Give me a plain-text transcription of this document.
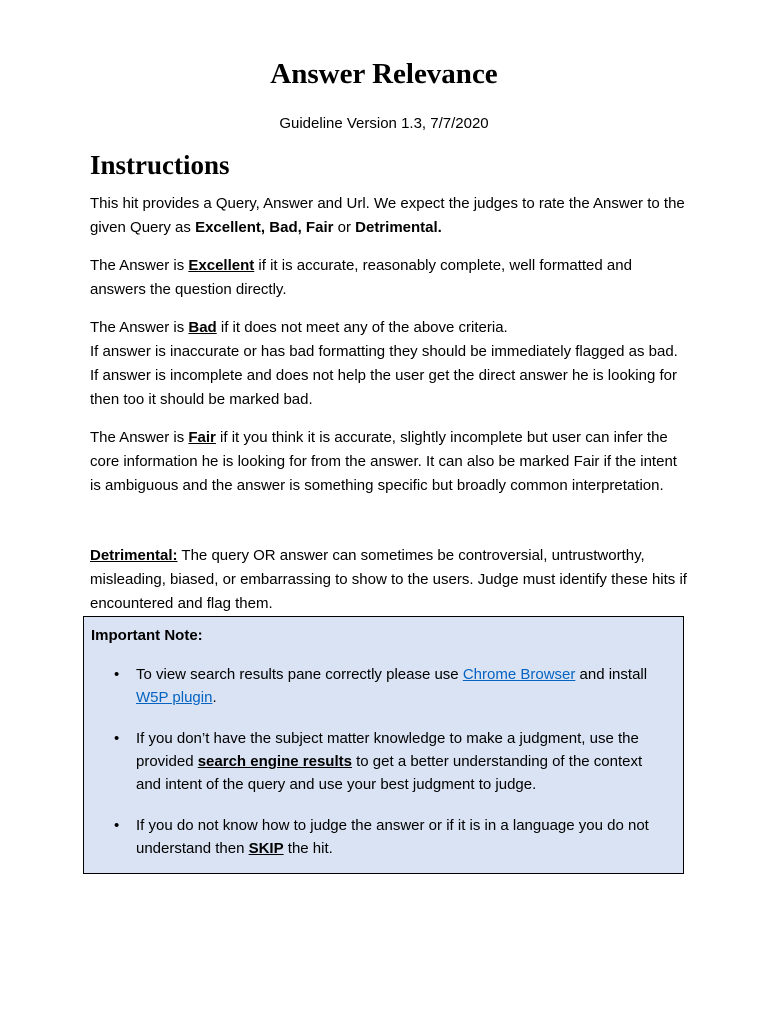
Answer Relevance
Guideline Version 1.3, 7/7/2020
Instructions

This hit provides a Query, Answer and Url. We expect the judges to rate the Answer to the given Query as Excellent, Bad, Fair or Detrimental.

The Answer is Excellent if it is accurate, reasonably complete, well formatted and answers the question directly.

The Answer is Bad if it does not meet any of the above criteria.
If answer is inaccurate or has bad formatting they should be immediately flagged as bad. If answer is incomplete and does not help the user get the direct answer he is looking for then too it should be marked bad.

The Answer is Fair if it you think it is accurate, slightly incomplete but user can infer the core information he is looking for from the answer. It can also be marked Fair if the intent is ambiguous and the answer is something specific but broadly common interpretation.

Detrimental: The query OR answer can sometimes be controversial, untrustworthy, misleading, biased, or embarrassing to show to the users. Judge must identify these hits if encountered and flag them.

Important Note:

• To view search results pane correctly please use Chrome Browser and install W5P plugin.
• If you don’t have the subject matter knowledge to make a judgment, use the provided search engine results to get a better understanding of the context and intent of the query and use your best judgment to judge.
• If you do not know how to judge the answer or if it is in a language you do not understand then SKIP the hit.
